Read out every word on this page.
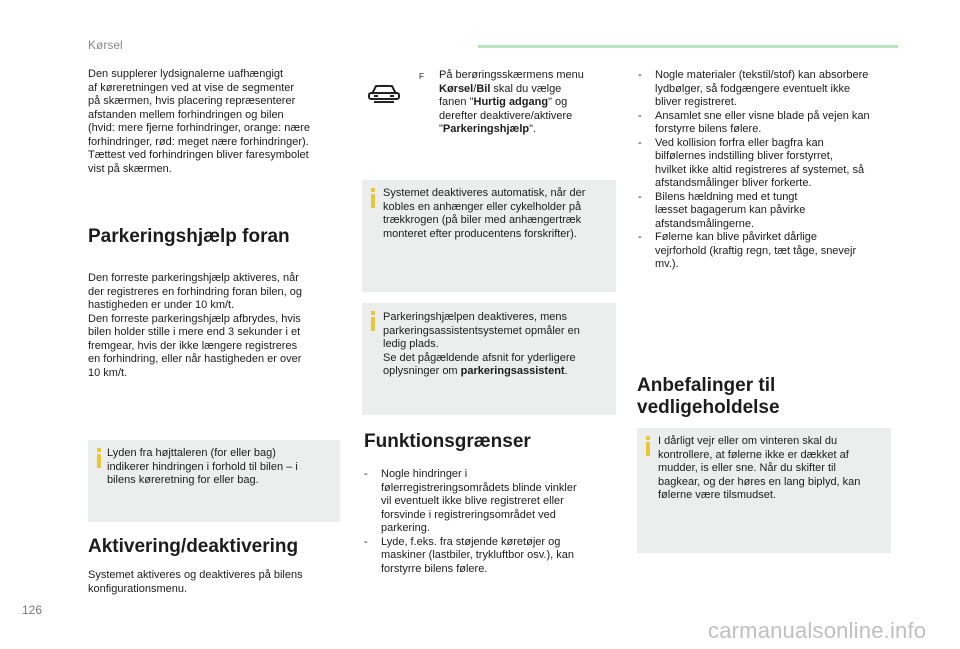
Kørsel
Den supplerer lydsignalerne uafhængigt
af køreretningen ved at vise de segmenter
på skærmen, hvis placering repræsenterer
afstanden mellem forhindringen og bilen
(hvid: mere fjerne forhindringer, orange: nære
forhindringer, rød: meget nære forhindringer).
Tættest ved forhindringen bliver faresymbolet
vist på skærmen.
Parkeringshjælp foran
Den forreste parkeringshjælp aktiveres, når
der registreres en forhindring foran bilen, og
hastigheden er under 10 km/t.
Den forreste parkeringshjælp afbrydes, hvis
bilen holder stille i mere end 3 sekunder i et
fremgear, hvis der ikke længere registreres
en forhindring, eller når hastigheden er over
10 km/t.
Lyden fra højttaleren (for eller bag)
indikerer hindringen i forhold til bilen – i
bilens køreretning for eller bag.
Aktivering/deaktivering
Systemet aktiveres og deaktiveres på bilens
konfigurationsmenu.
F På berøringsskærmens menu
Kørsel/Bil skal du vælge
fanen "Hurtig adgang" og
derefter deaktivere/aktivere
"Parkeringshjælp".
Systemet deaktiveres automatisk, når der
kobles en anhænger eller cykelholder på
trækkrogen (på biler med anhængertræk
monteret efter producentens forskrifter).
Parkeringshjælpen deaktiveres, mens
parkeringsassistentsystemet opmåler en
ledig plads.
Se det pågældende afsnit for yderligere
oplysninger om parkeringsassistent.
Funktionsgrænser
- Nogle hindringer i
følerregistreringsområdets blinde vinkler
vil eventuelt ikke blive registreret eller
forsvinde i registreringsområdet ved
parkering.
- Lyde, f.eks. fra støjende køretøjer og
maskiner (lastbiler, trykluftbor osv.), kan
forstyrre bilens følere.
- Nogle materialer (tekstil/stof) kan absorbere
lydbølger, så fodgængere eventuelt ikke
bliver registreret.
- Ansamlet sne eller visne blade på vejen kan
forstyrre bilens følere.
- Ved kollision forfra eller bagfra kan
bilfølernes indstilling bliver forstyrret,
hvilket ikke altid registreres af systemet, så
afstandsmålinger bliver forkerte.
- Bilens hældning med et tungt
læsset bagagerum kan påvirke
afstandsmålingerne.
- Følerne kan blive påvirket dårlige
vejrforhold (kraftig regn, tæt tåge, snevejr
mv.).
Anbefalinger til
vedligeholdelse
I dårligt vejr eller om vinteren skal du
kontrollere, at følerne ikke er dækket af
mudder, is eller sne. Når du skifter til
bagkear, og der høres en lang biplyd, kan
følerne være tilsmudset.
126
carmanualsonline.info
